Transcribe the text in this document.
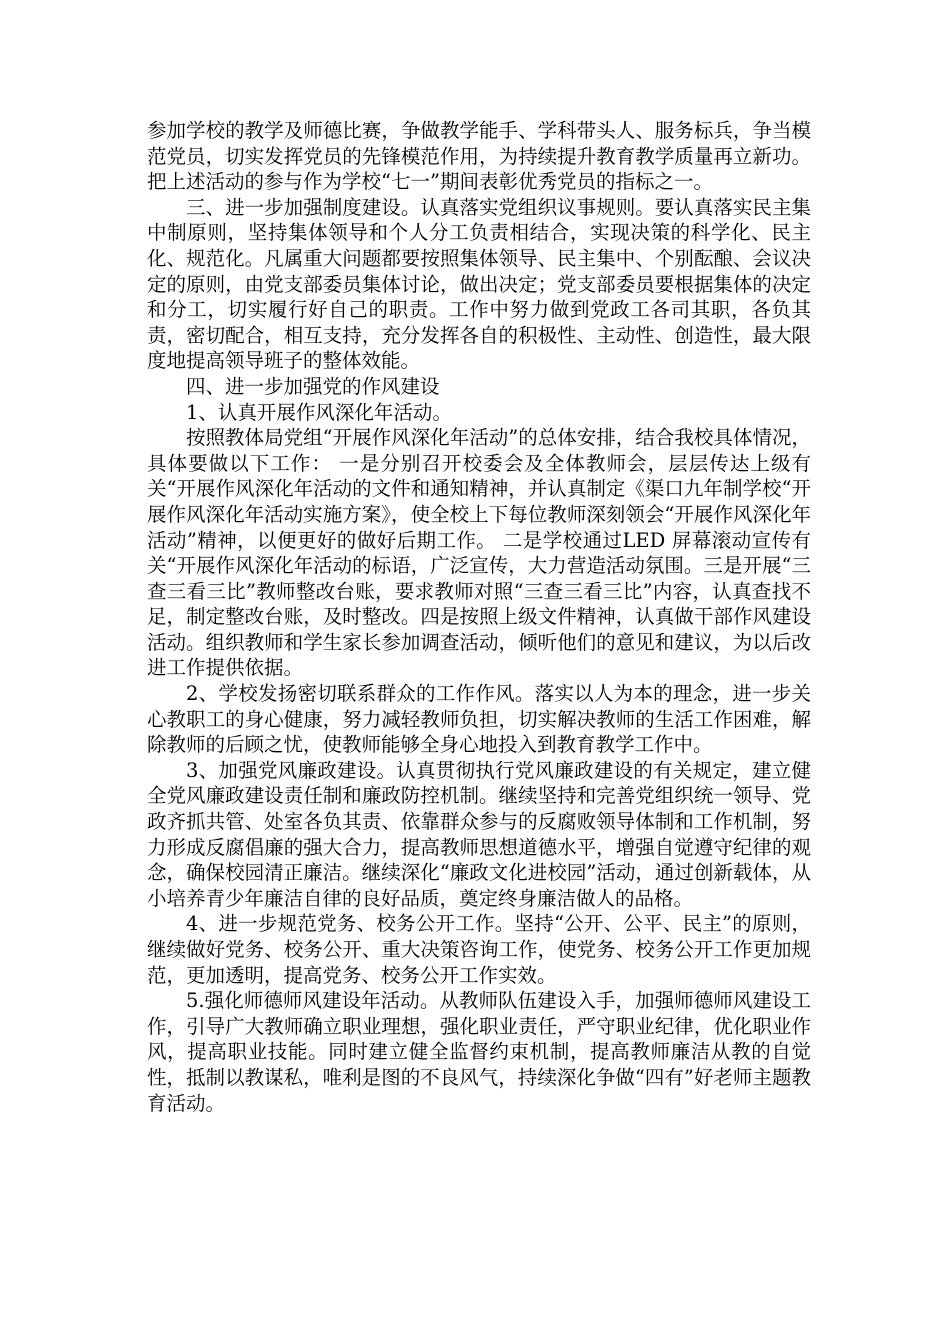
参加学校的教学及师德比赛，争做教学能手、学科带头人、服务标兵，争当模范党员，切实发挥党员的先锋模范作用，为持续提升教育教学质量再立新功。把上述活动的参与作为学校“七一”期间表彰优秀党员的指标之一。

三、进一步加强制度建设。认真落实党组织议事规则。要认真落实民主集中制原则，坚持集体领导和个人分工负责相结合，实现决策的科学化、民主化、规范化。凡属重大问题都要按照集体领导、民主集中、个别酝酿、会议决定的原则，由党支部委员集体讨论，做出决定；党支部委员要根据集体的决定和分工，切实履行好自己的职责。工作中努力做到党政工各司其职，各负其责，密切配合，相互支持，充分发挥各自的积极性、主动性、创造性，最大限度地提高领导班子的整体效能。

四、进一步加强党的作风建设

1、认真开展作风深化年活动。

按照教体局党组“开展作风深化年活动”的总体安排，结合我校具体情况，具体要做以下工作： 一是分别召开校委会及全体教师会，层层传达上级有关“开展作风深化年活动的文件和通知精神，并认真制定《渠口九年制学校“开展作风深化年活动实施方案》，使全校上下每位教师深刻领会“开展作风深化年活动”精神，以便更好的做好后期工作。 二是学校通过LED 屏幕滚动宣传有关“开展作风深化年活动的标语，广泛宣传，大力营造活动氛围。三是开展“三查三看三比”教师整改台账，要求教师对照“三查三看三比”内容，认真查找不足，制定整改台账，及时整改。四是按照上级文件精神，认真做干部作风建设活动。组织教师和学生家长参加调查活动，倾听他们的意见和建议，为以后改进工作提供依据。

2、学校发扬密切联系群众的工作作风。落实以人为本的理念，进一步关心教职工的身心健康，努力减轻教师负担，切实解决教师的生活工作困难，解除教师的后顾之忧，使教师能够全身心地投入到教育教学工作中。

3、加强党风廉政建设。认真贯彻执行党风廉政建设的有关规定，建立健全党风廉政建设责任制和廉政防控机制。继续坚持和完善党组织统一领导、党政齐抓共管、处室各负其责、依靠群众参与的反腐败领导体制和工作机制，努力形成反腐倡廉的强大合力，提高教师思想道德水平，增强自觉遵守纪律的观念，确保校园清正廉洁。继续深化“廉政文化进校园”活动，通过创新载体，从小培养青少年廉洁自律的良好品质，奠定终身廉洁做人的品格。

4、进一步规范党务、校务公开工作。坚持“公开、公平、民主”的原则，继续做好党务、校务公开、重大决策咨询工作，使党务、校务公开工作更加规范，更加透明，提高党务、校务公开工作实效。

5.强化师德师风建设年活动。从教师队伍建设入手，加强师德师风建设工作，引导广大教师确立职业理想，强化职业责任，严守职业纪律，优化职业作风，提高职业技能。同时建立健全监督约束机制，提高教师廉洁从教的自觉性，抵制以教谋私，唯利是图的不良风气，持续深化争做“四有”好老师主题教育活动。
